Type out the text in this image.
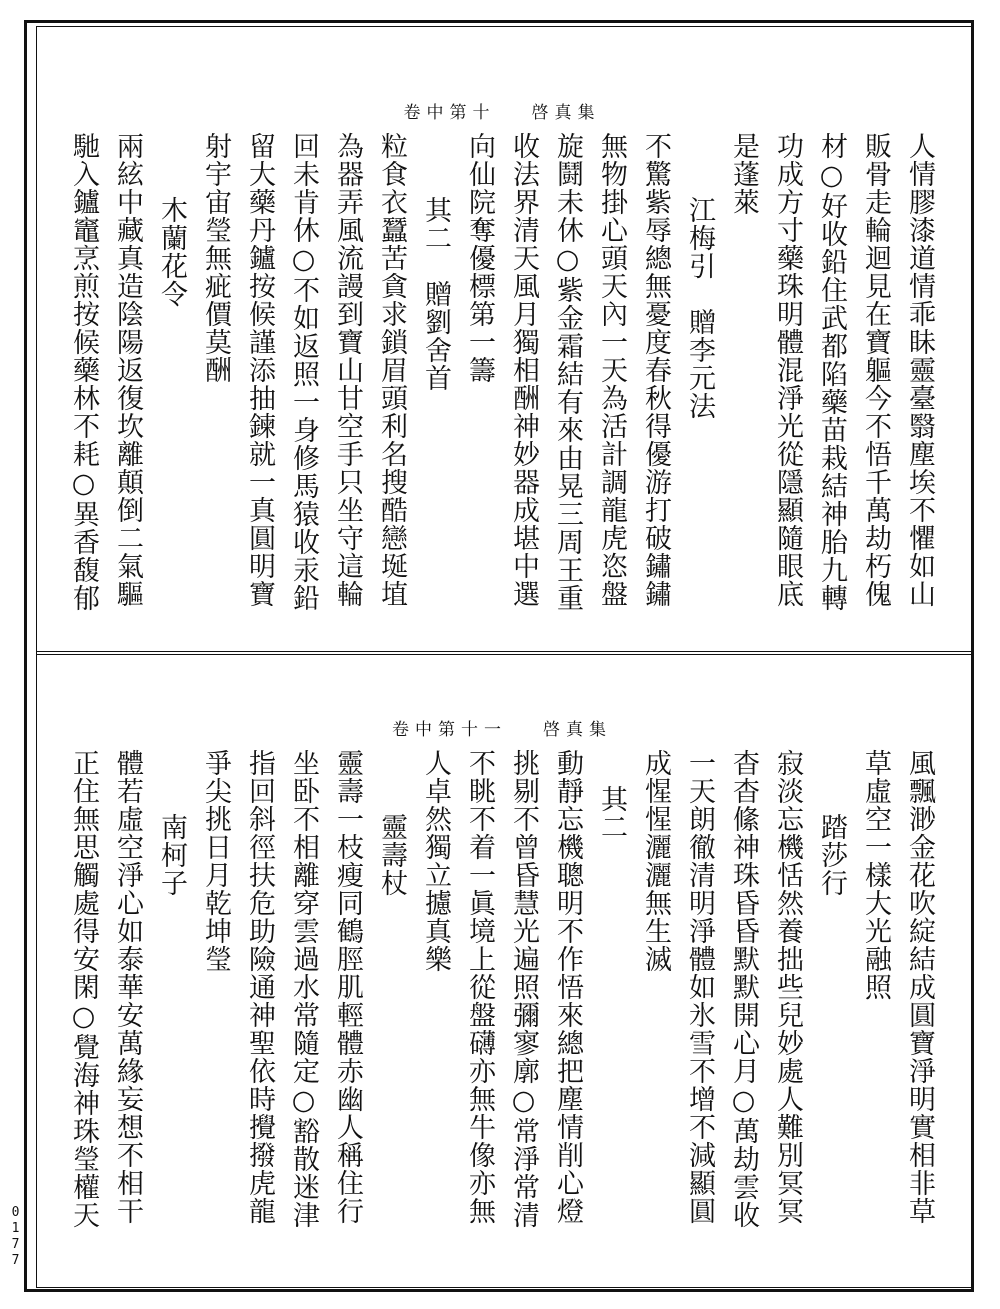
卷中第十 啓真集
人情膠漆道情乖眛靈臺翳塵埃不懼如山
販骨走輪迴見在寶軀今不悟千萬劫朽傀
材○好收鉛住武都陷藥苗栽結神胎九轉
功成方寸藥珠明體混淨光從隱顯隨眼底
是蓬萊
江梅引　贈李元法
不驚紫辱總無憂度春秋得優游打破鏽鏽
無物掛心頭天內一天為活計調龍虎恣盤
旋鬪未休○紫金霜結有來由晃三周王重
收法界清天風月獨相酬神妙器成堪中選
向仙院奪優標第一籌
其二　贈劉舍首
粒食衣蠶苦貪求鎖眉頭利名搜酷戀埏埴
為器弄風流謾到寶山甘空手只坐守這輪
回未肯休○不如返照一身修馬猿收汞鉛
留大藥丹鑪按候謹添抽鍊就一真圓明寶
射宇宙瑩無疵價莫酬
木蘭花令
兩絃中藏真造陰陽返復坎離顛倒二氣驅
馳入鑪竈烹煎按候藥林不耗○異香馥郁
卷中第十一 啓真集
風飄渺金花吹綻結成圓寶淨明實相非草
草虛空一樣大光融照
踏莎行
寂淡忘機恬然養拙些兒妙處人難別冥冥
杳杳絛神珠昏昏默默開心月○萬劫雲收
一天朗徹清明淨體如氷雪不增不減顯圓
成惺惺灑灑無生滅
其二
動靜忘機聰明不作悟來總把塵情削心燈
挑剔不曾昏慧光遍照彌寥廓○常淨常清
不眺不着一眞境上從盤礴亦無牛像亦無
人卓然獨立攄真樂
靈壽杖
靈壽一枝瘦同鶴脛肌輕體赤幽人稱住行
坐卧不相離穿雲過水常隨定○豁散迷津
指回斜徑扶危助險通神聖依時攪撥虎龍
爭尖挑日月乾坤瑩
南柯子
體若虛空淨心如泰華安萬緣妄想不相干
正住無思觸處得安閑○覺海神珠瑩權天
0177
